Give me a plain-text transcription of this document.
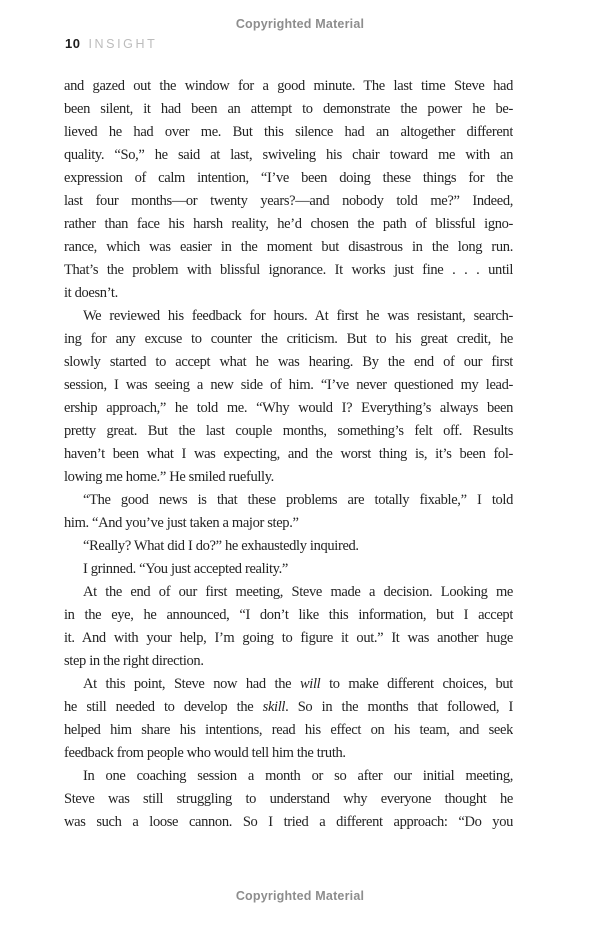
Copyrighted Material
10 INSIGHT
and gazed out the window for a good minute. The last time Steve had
been silent, it had been an attempt to demonstrate the power he be-
lieved he had over me. But this silence had an altogether different
quality. “So,” he said at last, swiveling his chair toward me with an
expression of calm intention, “I’ve been doing these things for the
last four months—or twenty years?—and nobody told me?” Indeed,
rather than face his harsh reality, he’d chosen the path of blissful igno-
rance, which was easier in the moment but disastrous in the long run.
That’s the problem with blissful ignorance. It works just fine . . . until
it doesn’t.
We reviewed his feedback for hours. At first he was resistant, search-
ing for any excuse to counter the criticism. But to his great credit, he
slowly started to accept what he was hearing. By the end of our first
session, I was seeing a new side of him. “I’ve never questioned my lead-
ership approach,” he told me. “Why would I? Everything’s always been
pretty great. But the last couple months, something’s felt off. Results
haven’t been what I was expecting, and the worst thing is, it’s been fol-
lowing me home.” He smiled ruefully.
“The good news is that these problems are totally fixable,” I told
him. “And you’ve just taken a major step.”
“Really? What did I do?” he exhaustedly inquired.
I grinned. “You just accepted reality.”
At the end of our first meeting, Steve made a decision. Looking me
in the eye, he announced, “I don’t like this information, but I accept
it. And with your help, I’m going to figure it out.” It was another huge
step in the right direction.
At this point, Steve now had the will to make different choices, but
he still needed to develop the skill. So in the months that followed, I
helped him share his intentions, read his effect on his team, and seek
feedback from people who would tell him the truth.
In one coaching session a month or so after our initial meeting,
Steve was still struggling to understand why everyone thought he
was such a loose cannon. So I tried a different approach: “Do you
Copyrighted Material
